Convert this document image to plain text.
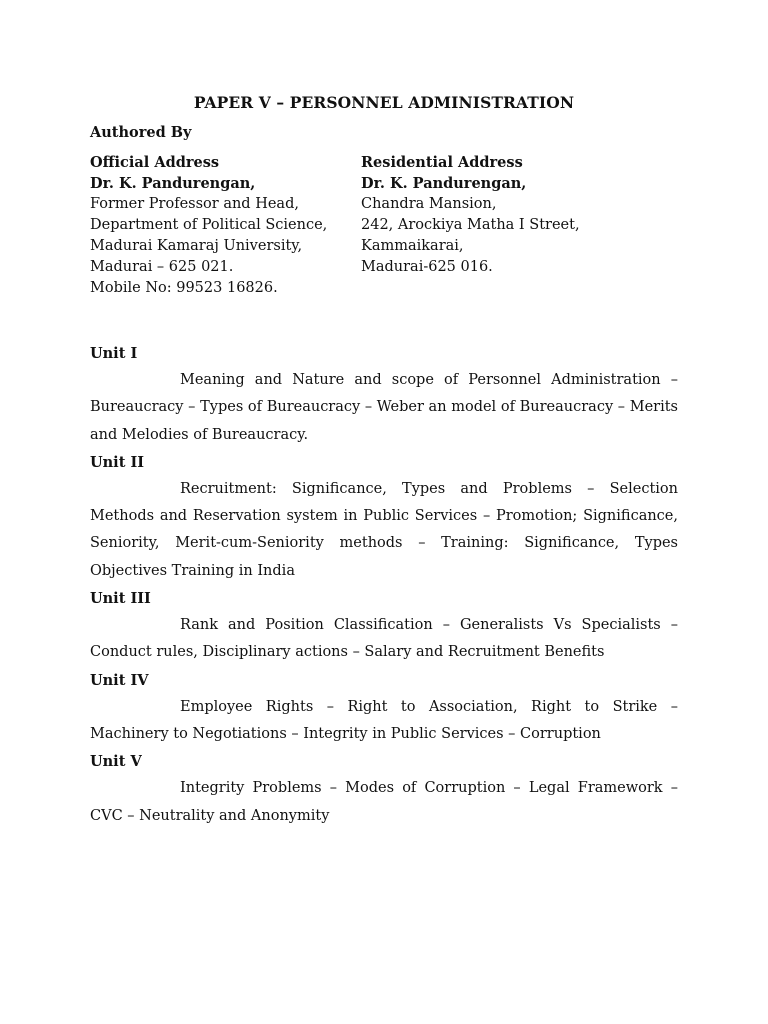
PAPER V – PERSONNEL ADMINISTRATION
Authored By
Official Address
Dr. K. Pandurengan,
Former Professor and Head,
Department of Political Science,
Madurai Kamaraj University,
Madurai – 625 021.
Mobile No: 99523 16826.
Residential Address
Dr. K. Pandurengan,
Chandra Mansion,
242, Arockiya Matha I Street,
Kammaikarai,
Madurai-625 016.
Unit I

Meaning and Nature and scope of Personnel Administration – Bureaucracy – Types of Bureaucracy – Weber an model of Bureaucracy – Merits and Melodies of Bureaucracy.

Unit II

Recruitment: Significance, Types and Problems – Selection Methods and Reservation system in Public Services – Promotion; Significance, Seniority, Merit-cum-Seniority methods – Training: Significance, Types Objectives Training in India

Unit III

Rank and Position Classification – Generalists Vs Specialists – Conduct rules, Disciplinary actions – Salary and Recruitment Benefits

Unit IV

Employee Rights – Right to Association, Right to Strike – Machinery to Negotiations – Integrity in Public Services – Corruption

Unit V

Integrity Problems – Modes of Corruption – Legal Framework – CVC – Neutrality and Anonymity
